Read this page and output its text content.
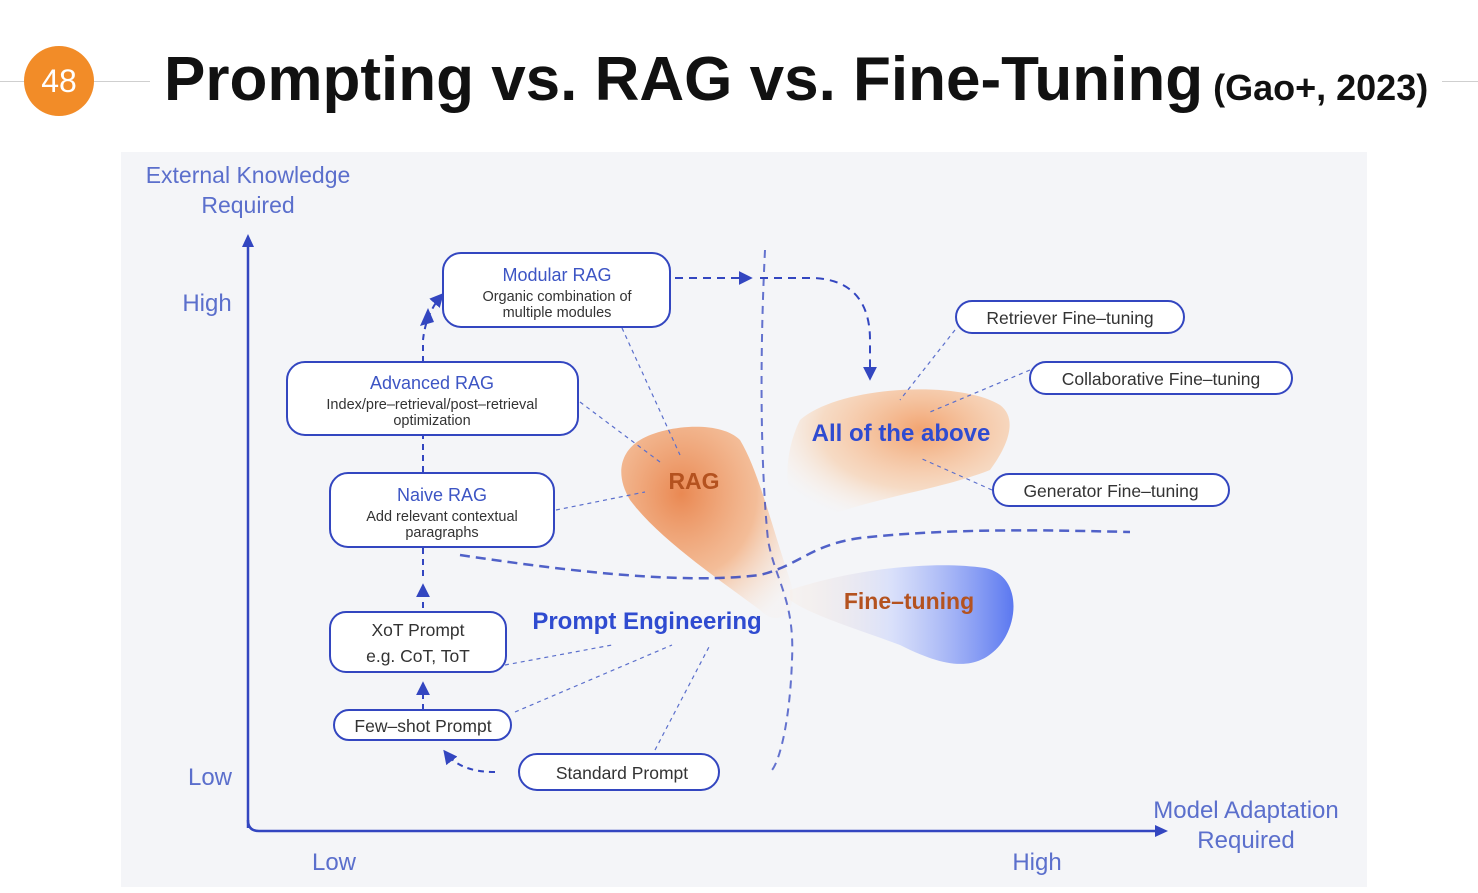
48 Prompting vs. RAG vs. Fine-Tuning (Gao+, 2023)
External Knowledge
Required
High
Low
Low	High
Model Adaptation
Required
Modular RAG
Organic combination of
multiple modules
Advanced RAG
Index/pre–retrieval/post–retrieval
optimization
Naive RAG
Add relevant contextual
paragraphs
XoT Prompt
e.g. CoT, ToT
Few–shot Prompt
Standard Prompt
Retriever Fine–tuning
Collaborative Fine–tuning
Generator Fine–tuning
RAG
All of the above
Fine–tuning
Prompt Engineering
